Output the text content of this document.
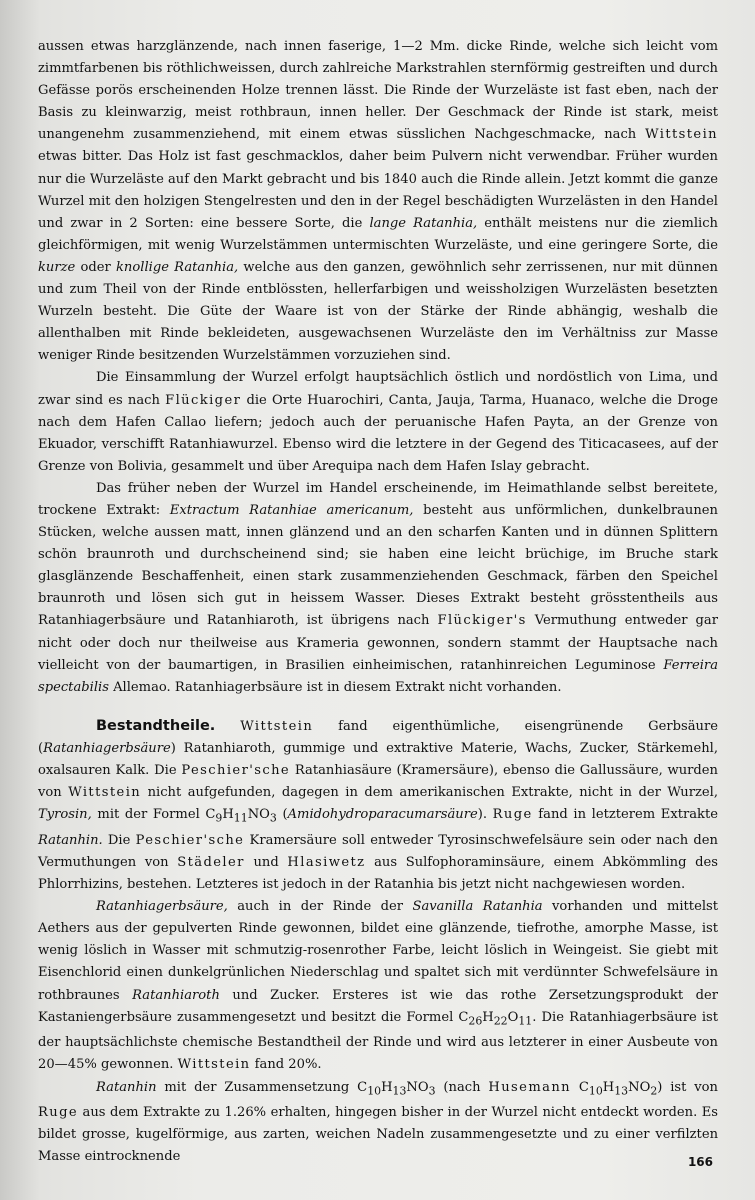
aussen etwas harzglänzende, nach innen faserige, 1—2 Mm. dicke Rinde, welche sich leicht vom zimmtfarbenen bis röthlichweissen, durch zahlreiche Markstrahlen sternförmig gestreiften und durch Gefässe porös erscheinenden Holze trennen lässt. Die Rinde der Wurzeläste ist fast eben, nach der Basis zu kleinwarzig, meist rothbraun, innen heller. Der Geschmack der Rinde ist stark, meist unangenehm zusammenziehend, mit einem etwas süsslichen Nachgeschmacke, nach Wittstein etwas bitter. Das Holz ist fast geschmacklos, daher beim Pulvern nicht verwendbar. Früher wurden nur die Wurzeläste auf den Markt gebracht und bis 1840 auch die Rinde allein. Jetzt kommt die ganze Wurzel mit den holzigen Stengelresten und den in der Regel beschädigten Wurzelästen in den Handel und zwar in 2 Sorten: eine bessere Sorte, die lange Ratanhia, enthält meistens nur die ziemlich gleichförmigen, mit wenig Wurzelstämmen untermischten Wurzeläste, und eine geringere Sorte, die kurze oder knollige Ratanhia, welche aus den ganzen, gewöhnlich sehr zerrissenen, nur mit dünnen und zum Theil von der Rinde entblössten, hellerfarbigen und weissholzigen Wurzelästen besetzten Wurzeln besteht. Die Güte der Waare ist von der Stärke der Rinde abhängig, weshalb die allenthalben mit Rinde bekleideten, ausgewachsenen Wurzeläste den im Verhältniss zur Masse weniger Rinde besitzenden Wurzelstämmen vorzuziehen sind.

Die Einsammlung der Wurzel erfolgt hauptsächlich östlich und nordöstlich von Lima, und zwar sind es nach Flückiger die Orte Huarochiri, Canta, Jauja, Tarma, Huanaco, welche die Droge nach dem Hafen Callao liefern; jedoch auch der peruanische Hafen Payta, an der Grenze von Ekuador, verschifft Ratanhiawurzel. Ebenso wird die letztere in der Gegend des Titicacasees, auf der Grenze von Bolivia, gesammelt und über Arequipa nach dem Hafen Islay gebracht.

Das früher neben der Wurzel im Handel erscheinende, im Heimathlande selbst bereitete, trockene Extrakt: Extractum Ratanhiae americanum, besteht aus unförmlichen, dunkelbraunen Stücken, welche aussen matt, innen glänzend und an den scharfen Kanten und in dünnen Splittern schön braunroth und durchscheinend sind; sie haben eine leicht brüchige, im Bruche stark glasglänzende Beschaffenheit, einen stark zusammenziehenden Geschmack, färben den Speichel braunroth und lösen sich gut in heissem Wasser. Dieses Extrakt besteht grösstentheils aus Ratanhiagerbsäure und Ratanhiaroth, ist übrigens nach Flückiger's Vermuthung entweder gar nicht oder doch nur theilweise aus Krameria gewonnen, sondern stammt der Hauptsache nach vielleicht von der baumartigen, in Brasilien einheimischen, ratanhinreichen Leguminose Ferreira spectabilis Allemao. Ratanhiagerbsäure ist in diesem Extrakt nicht vorhanden.

Bestandtheile. Wittstein fand eigenthümliche, eisengrünende Gerbsäure (Ratanhiagerbsäure) Ratanhiaroth, gummige und extraktive Materie, Wachs, Zucker, Stärkemehl, oxalsauren Kalk. Die Peschier'sche Ratanhiasäure (Kramersäure), ebenso die Gallussäure, wurden von Wittstein nicht aufgefunden, dagegen in dem amerikanischen Extrakte, nicht in der Wurzel, Tyrosin, mit der Formel $C_9H_{11}NO_3$ (Amidohydroparacumarsäure). Ruge fand in letzterem Extrakte Ratanhin. Die Peschier'sche Kramersäure soll entweder Tyrosinschwefelsäure sein oder nach den Vermuthungen von Städeler und Hlasiwetz aus Sulfophoraminsäure, einem Abkömmling des Phlorrhizins, bestehen. Letzteres ist jedoch in der Ratanhia bis jetzt nicht nachgewiesen worden.

Ratanhiagerbsäure, auch in der Rinde der Savanilla Ratanhia vorhanden und mittelst Aethers aus der gepulverten Rinde gewonnen, bildet eine glänzende, tiefrothe, amorphe Masse, ist wenig löslich in Wasser mit schmutzig-rosenrother Farbe, leicht löslich in Weingeist. Sie giebt mit Eisenchlorid einen dunkelgrünlichen Niederschlag und spaltet sich mit verdünnter Schwefelsäure in rothbraunes Ratanhiaroth und Zucker. Ersteres ist wie das rothe Zersetzungsprodukt der Kastaniengerbsäure zusammengesetzt und besitzt die Formel $C_{26}H_{22}O_{11}$. Die Ratanhiagerbsäure ist der hauptsächlichste chemische Bestandtheil der Rinde und wird aus letzterer in einer Ausbeute von 20—45% gewonnen. Wittstein fand 20%.

Ratanhin mit der Zusammensetzung $C_{10}H_{13}NO_3$ (nach Husemann $C_{10}H_{13}NO_2$) ist von Ruge aus dem Extrakte zu 1.26% erhalten, hingegen bisher in der Wurzel nicht entdeckt worden. Es bildet grosse, kugelförmige, aus zarten, weichen Nadeln zusammengesetzte und zu einer verfilzten Masse eintrocknende	166
